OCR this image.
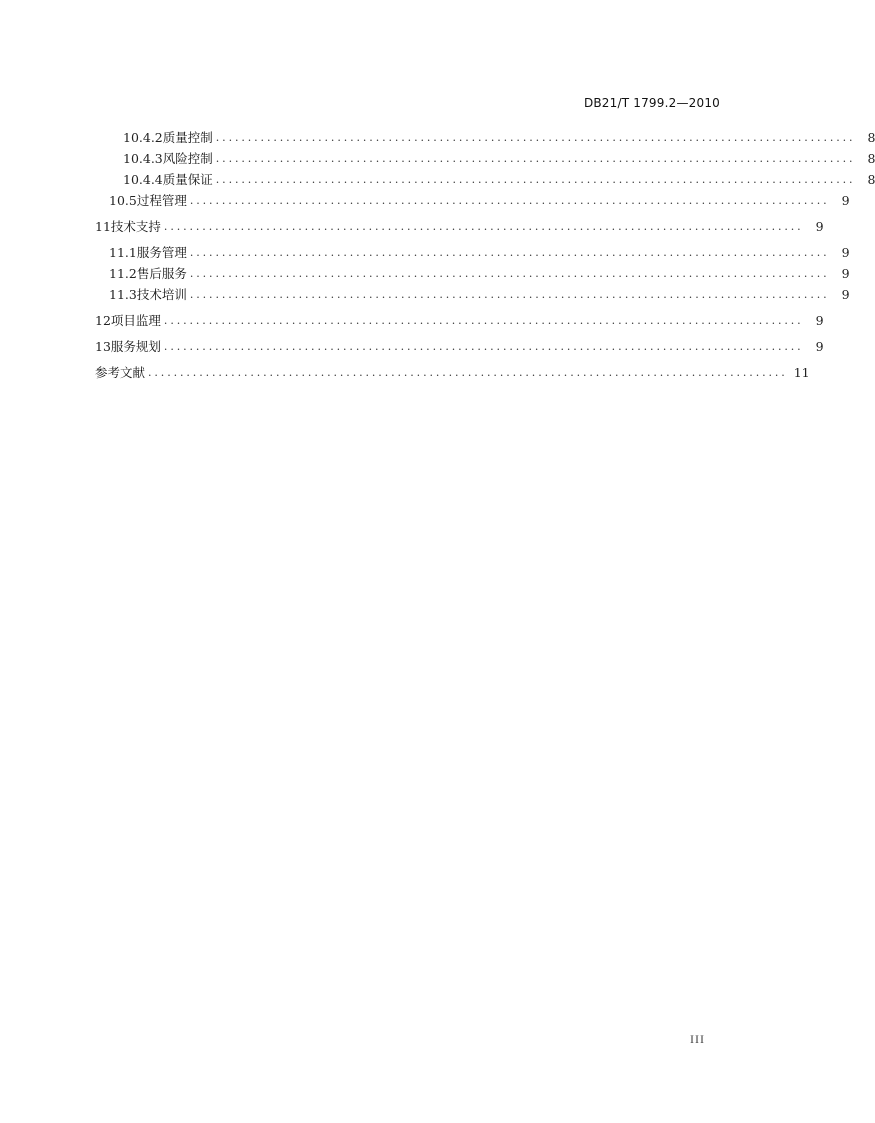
DB21/T 1799.2—2010
10.4.2 质量控制 .................................................................................................... 8
10.4.3 风险控制 .................................................................................................... 8
10.4.4 质量保证 .................................................................................................... 8
10.5 过程管理 .................................................................................................... 9
11 技术支持 .................................................................................................... 9
11.1 服务管理 .................................................................................................... 9
11.2 售后服务 .................................................................................................... 9
11.3 技术培训 .................................................................................................... 9
12 项目监理 .................................................................................................... 9
13 服务规划 .................................................................................................... 9
参考文献 .................................................................................................... 11
III
